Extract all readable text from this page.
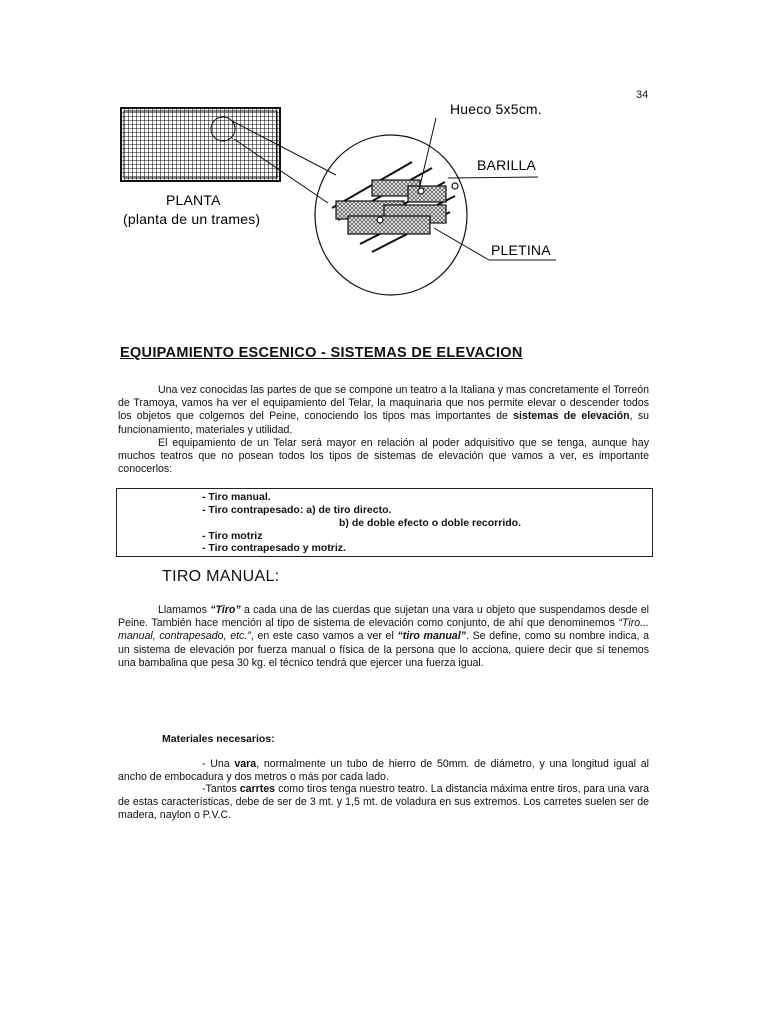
34
Hueco 5x5cm.
BARILLA
PLETINA
PLANTA
(planta de un trames)
EQUIPAMIENTO ESCENICO - SISTEMAS DE ELEVACION

Una vez conocidas las partes de que se compone un teatro a la Italiana y mas concretamente el Torreón de Tramoya, vamos ha ver el equipamiento del Telar, la maquinaria que nos permite elevar o descender todos los objetos que colgemos del Peine, conociendo los tipos mas importantes de sistemas de elevación, su funcionamiento, materiales y utilidad.

El equipamiento de un Telar será mayor en relación al poder adquisitivo que se tenga, aunque hay muchos teatros que no posean todos los tipos de sistemas de elevación que vamos a ver, es importante conocerlos:

- Tiro manual.
- Tiro contrapesado: a) de tiro directo.
b) de doble efecto o doble recorrido.
- Tiro motriz
- Tiro contrapesado y motriz.
TIRO MANUAL:

Llamamos “Tiro” a cada una de las cuerdas que sujetan una vara u objeto que suspendamos desde el Peine. También hace mención al tipo de sistema de elevación como conjunto, de ahí que denominemos “Tiro... manual, contrapesado, etc.”, en este caso vamos a ver el “tiro manual”. Se define, como su nombre indica, a un sistema de elevación por fuerza manual o física de la persona que lo acciona, quiere decir que si tenemos una bambalina que pesa 30 kg. el técnico tendrá que ejercer una fuerza igual.

Materiales necesarios:

- Una vara, normalmente un tubo de hierro de 50mm. de diámetro, y una longitud igual al ancho de embocadura y dos metros o más por cada lado.

-Tantos carrtes como tiros tenga nuestro teatro. La distancia máxima entre tiros, para una vara de estas características, debe de ser de 3 mt. y 1,5 mt. de voladura en sus extremos. Los carretes suelen ser de madera, naylon o P.V.C.
